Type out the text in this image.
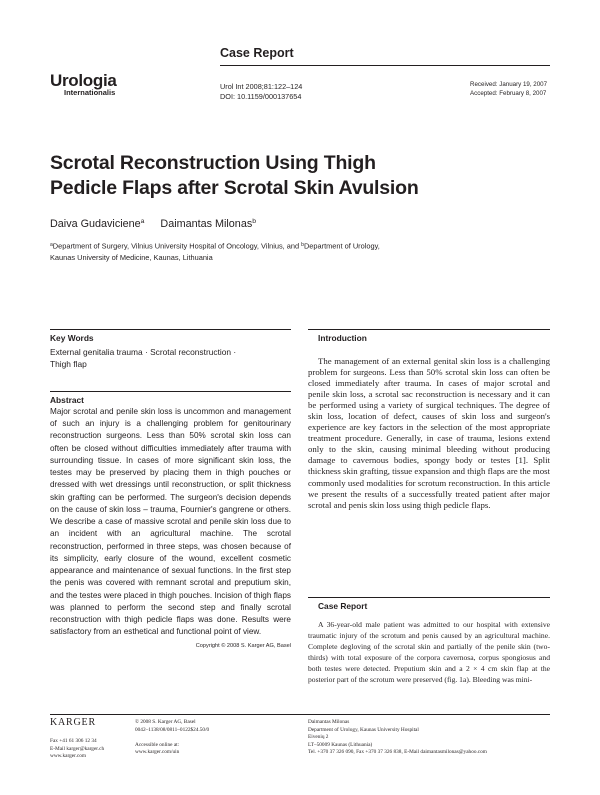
Case Report
Urologia
Internationalis
Urol Int 2008;81:122–124
DOI: 10.1159/000137654
Received: January 19, 2007
Accepted: February 8, 2007
Scrotal Reconstruction Using Thigh
Pedicle Flaps after Scrotal Skin Avulsion
Daiva Gudaviciene$^a$ Daimantas Milonas$^b$
$^a$Department of Surgery, Vilnius University Hospital of Oncology, Vilnius, and $^b$Department of Urology,
Kaunas University of Medicine, Kaunas, Lithuania
Key Words
External genitalia trauma · Scrotal reconstruction ·
Thigh flap
Abstract
Major scrotal and penile skin loss is uncommon and management of such an injury is a challenging problem for genitourinary reconstruction surgeons. Less than 50% scrotal skin loss can often be closed without difficulties immediately after trauma with surrounding tissue. In cases of more significant skin loss, the testes may be preserved by placing them in thigh pouches or dressed with wet dressings until reconstruction, or split thickness skin grafting can be performed. The surgeon's decision depends on the cause of skin loss – trauma, Fournier's gangrene or others. We describe a case of massive scrotal and penile skin loss due to an incident with an agricultural machine. The scrotal reconstruction, performed in three steps, was chosen because of its simplicity, early closure of the wound, excellent cosmetic appearance and maintenance of sexual functions. In the first step the penis was covered with remnant scrotal and preputium skin, and the testes were placed in thigh pouches. Incision of thigh flaps was planned to perform the second step and finally scrotal reconstruction with thigh pedicle flaps was done. Results were satisfactory from an esthetical and functional point of view.
Copyright © 2008 S. Karger AG, Basel
Introduction

The management of an external genital skin loss is a challenging problem for surgeons. Less than 50% scrotal skin loss can often be closed immediately after trauma. In cases of major scrotal and penile skin loss, a scrotal sac reconstruction is necessary and it can be performed using a variety of surgical techniques. The degree of skin loss, location of defect, causes of skin loss and surgeon's experience are key factors in the selection of the most appropriate treatment procedure. Generally, in case of trauma, lesions extend only to the skin, causing minimal bleeding without producing damage to cavernous bodies, spongy body or testes [1]. Split thickness skin grafting, tissue expansion and thigh flaps are the most commonly used modalities for scrotum reconstruction. In this article we present the results of a successfully treated patient after major scrotal and penis skin loss using thigh pedicle flaps.

Case Report

A 36-year-old male patient was admitted to our hospital with extensive traumatic injury of the scrotum and penis caused by an agricultural machine. Complete degloving of the scrotal skin and partially of the penile skin (two-thirds) with total exposure of the corpora cavernosa, corpus spongiosus and both testes were detected. Preputium skin and a 2 × 4 cm skin flap at the posterior part of the scrotum were preserved (fig. 1a). Bleeding was mini-

KARGER
Fax +41 61 306 12 34
E-Mail karger@karger.ch
www.karger.com
© 2008 S. Karger AG, Basel
0042–1138/08/0811–0122$24.50/0
Accessible online at:
www.karger.com/uin
Daimantas Milonas
Department of Urology, Kaunas University Hospital
Eivenių 2
LT–50009 Kaunas (Lithuania)
Tel. +370 37 326 090, Fax +370 37 326 838, E-Mail daimantasmilonas@yahoo.com
